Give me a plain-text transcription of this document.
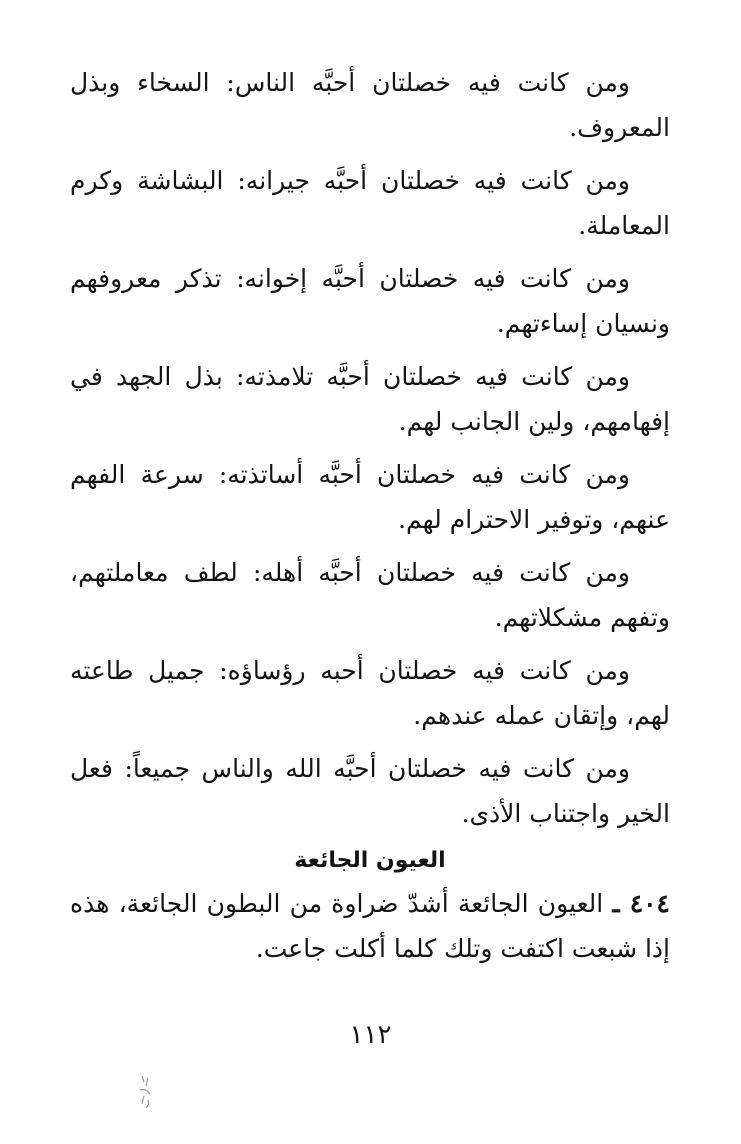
ومن كانت فيه خصلتان أحبَّه الناس: السخاء وبذل المعروف.

ومن كانت فيه خصلتان أحبَّه جيرانه: البشاشة وكرم المعاملة.

ومن كانت فيه خصلتان أحبَّه إخوانه: تذكر معروفهم ونسيان إساءتهم.

ومن كانت فيه خصلتان أحبَّه تلامذته: بذل الجهد في إفهامهم، ولين الجانب لهم.

ومن كانت فيه خصلتان أحبَّه أساتذته: سرعة الفهم عنهم، وتوفير الاحترام لهم.

ومن كانت فيه خصلتان أحبَّه أهله: لطف معاملتهم، وتفهم مشكلاتهم.

ومن كانت فيه خصلتان أحبه رؤساؤه: جميل طاعته لهم، وإتقان عمله عندهم.

ومن كانت فيه خصلتان أحبَّه الله والناس جميعاً: فعل الخير واجتناب الأذى.

العيون الجائعة

٤٠٤ ـ العيون الجائعة أشدّ ضراوة من البطون الجائعة، هذه إذا شبعت اكتفت وتلك كلما أكلت جاعت.

١١٢
